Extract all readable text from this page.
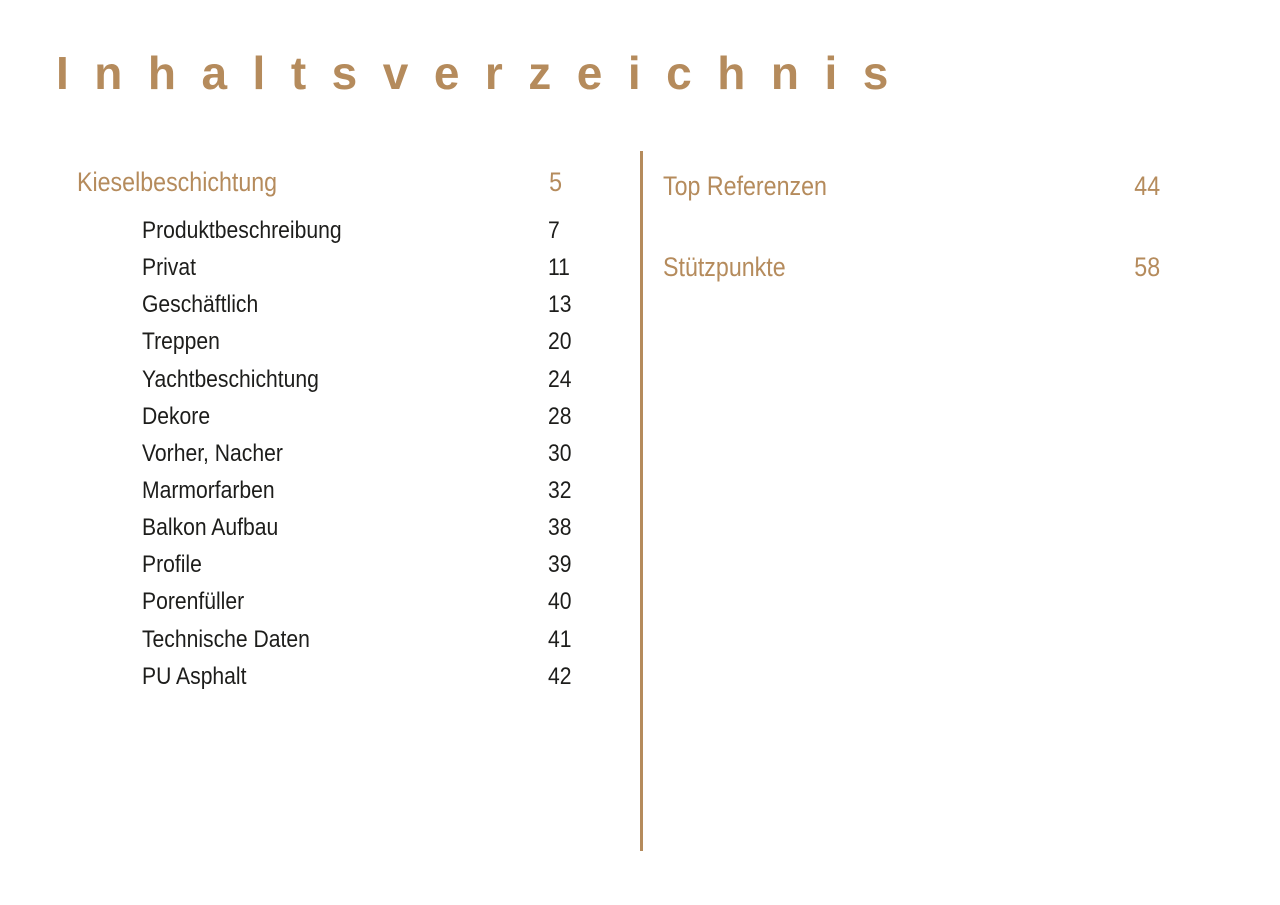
Inhaltsverzeichnis
Kieselbeschichtung	5
Produktbeschreibung	7
Privat	11
Geschäftlich	13
Treppen	20
Yachtbeschichtung	24
Dekore	28
Vorher, Nacher	30
Marmorfarben	32
Balkon Aufbau	38
Profile	39
Porenfüller	40
Technische Daten	41
PU Asphalt	42
Top Referenzen	44
Stützpunkte	58
